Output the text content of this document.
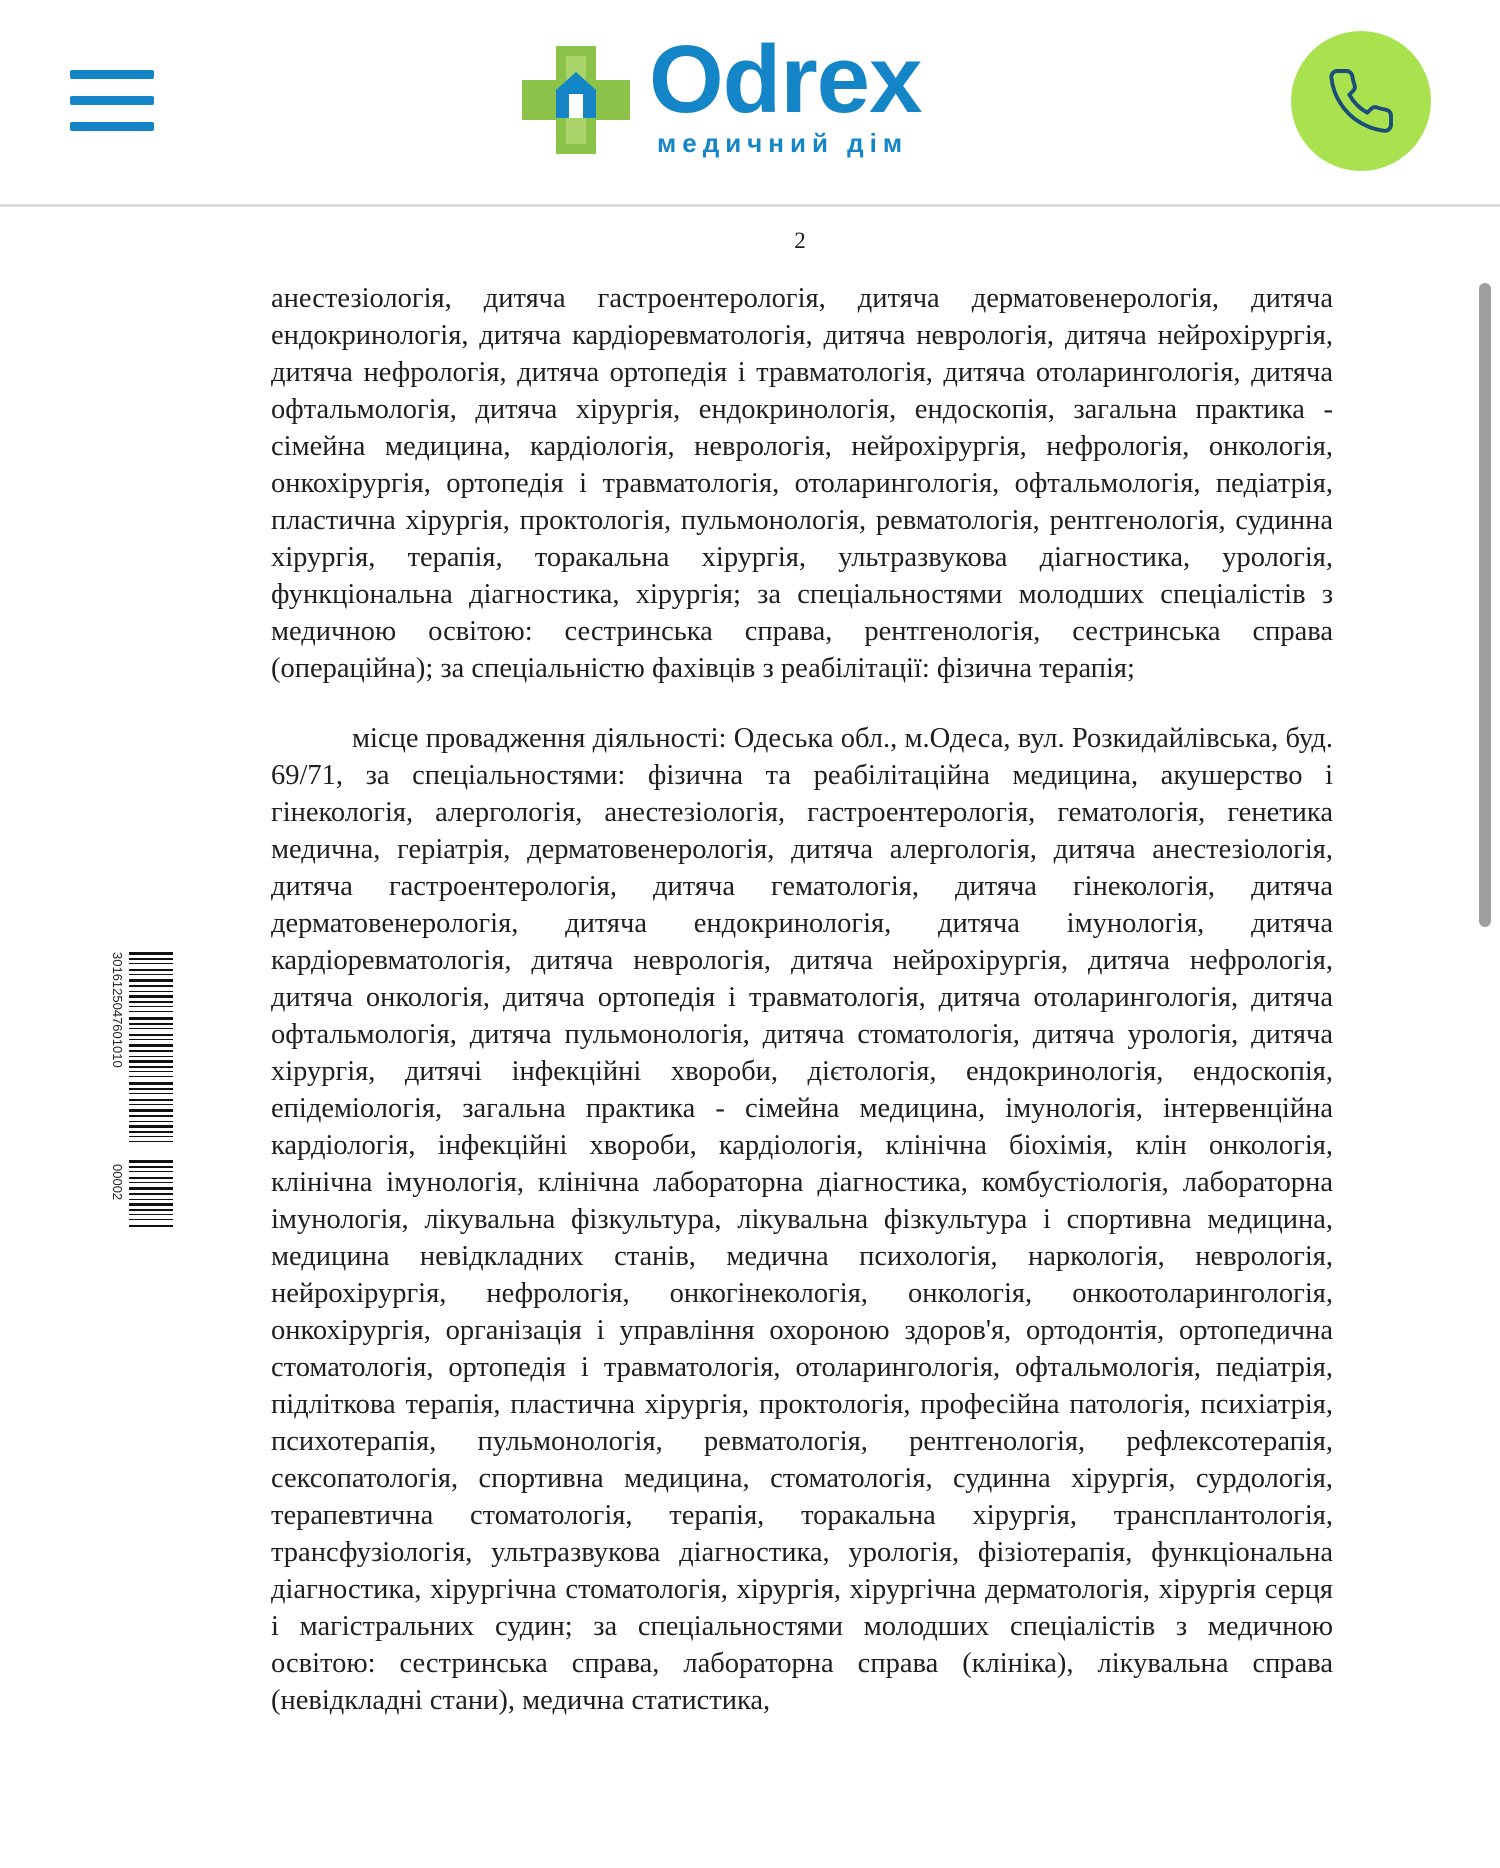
Odrex
медичний дім
2

анестезіологія, дитяча гастроентерологія, дитяча дерматовенерологія, дитяча ендокринологія, дитяча кардіоревматологія, дитяча неврологія, дитяча нейрохірургія, дитяча нефрологія, дитяча ортопедія і травматологія, дитяча отоларингологія, дитяча офтальмологія, дитяча хірургія, ендокринологія, ендоскопія, загальна практика - сімейна медицина, кардіологія, неврологія, нейрохірургія, нефрологія, онкологія, онкохірургія, ортопедія і травматологія, отоларингологія, офтальмологія, педіатрія, пластична хірургія, проктологія, пульмонологія, ревматологія, рентгенологія, судинна хірургія, терапія, торакальна хірургія, ультразвукова діагностика, урологія, функціональна діагностика, хірургія; за спеціальностями молодших спеціалістів з медичною освітою: сестринська справа, рентгенологія, сестринська справа (операційна); за спеціальністю фахівців з реабілітації: фізична терапія;

місце провадження діяльності: Одеська обл., м.Одеса, вул. Розкидайлівська, буд. 69/71, за спеціальностями: фізична та реабілітаційна медицина, акушерство і гінекологія, алергологія, анестезіологія, гастроентерологія, гематологія, генетика медична, геріатрія, дерматовенерологія, дитяча алергологія, дитяча анестезіологія, дитяча гастроентерологія, дитяча гематологія, дитяча гінекологія, дитяча дерматовенерологія, дитяча ендокринологія, дитяча імунологія, дитяча кардіоревматологія, дитяча неврологія, дитяча нейрохірургія, дитяча нефрологія, дитяча онкологія, дитяча ортопедія і травматологія, дитяча отоларингологія, дитяча офтальмологія, дитяча пульмонологія, дитяча стоматологія, дитяча урологія, дитяча хірургія, дитячі інфекційні хвороби, дієтологія, ендокринологія, ендоскопія, епідеміологія, загальна практика - сімейна медицина, імунологія, інтервенційна кардіологія, інфекційні хвороби, кардіологія, клінічна біохімія, клін онкологія, клінічна імунологія, клінічна лабораторна діагностика, комбустіологія, лабораторна імунологія, лікувальна фізкультура, лікувальна фізкультура і спортивна медицина, медицина невідкладних станів, медична психологія, наркологія, неврологія, нейрохірургія, нефрологія, онкогінекологія, онкологія, онкоотоларингологія, онкохірургія, організація і управління охороною здоров'я, ортодонтія, ортопедична стоматологія, ортопедія і травматологія, отоларингологія, офтальмологія, педіатрія, підліткова терапія, пластична хірургія, проктологія, професійна патологія, психіатрія, психотерапія, пульмонологія, ревматологія, рентгенологія, рефлексотерапія, сексопатологія, спортивна медицина, стоматологія, судинна хірургія, сурдологія, терапевтична стоматологія, терапія, торакальна хірургія, трансплантологія, трансфузіологія, ультразвукова діагностика, урологія, фізіотерапія, функціональна діагностика, хірургічна стоматологія, хірургія, хірургічна дерматологія, хірургія серця і магістральних судин; за спеціальностями молодших спеціалістів з медичною освітою: сестринська справа, лабораторна справа (клініка), лікувальна справа (невідкладні стани), медична статистика,

3016125047601010
00002
